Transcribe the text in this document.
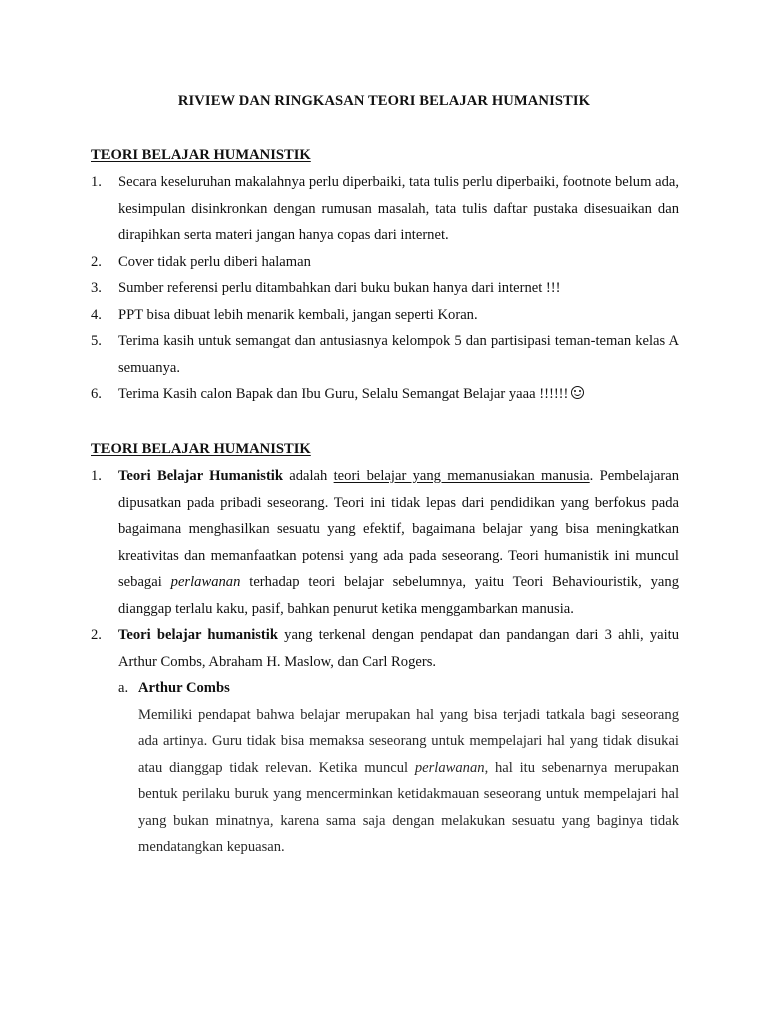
RIVIEW DAN RINGKASAN TEORI BELAJAR HUMANISTIK
TEORI BELAJAR HUMANISTIK
1. Secara keseluruhan makalahnya perlu diperbaiki, tata tulis perlu diperbaiki, footnote belum ada, kesimpulan disinkronkan dengan rumusan masalah, tata tulis daftar pustaka disesuaikan dan dirapihkan serta materi jangan hanya copas dari internet.
2. Cover tidak perlu diberi halaman
3. Sumber referensi perlu ditambahkan dari buku bukan hanya dari internet !!!
4. PPT bisa dibuat lebih menarik kembali, jangan seperti Koran.
5. Terima kasih untuk semangat dan antusiasnya kelompok 5 dan partisipasi teman-teman kelas A semuanya.
6. Terima Kasih calon Bapak dan Ibu Guru, Selalu Semangat Belajar yaaa !!!!!!
TEORI BELAJAR HUMANISTIK
1. Teori Belajar Humanistik adalah teori belajar yang memanusiakan manusia. Pembelajaran dipusatkan pada pribadi seseorang. Teori ini tidak lepas dari pendidikan yang berfokus pada bagaimana menghasilkan sesuatu yang efektif, bagaimana belajar yang bisa meningkatkan kreativitas dan memanfaatkan potensi yang ada pada seseorang. Teori humanistik ini muncul sebagai perlawanan terhadap teori belajar sebelumnya, yaitu Teori Behaviouristik, yang dianggap terlalu kaku, pasif, bahkan penurut ketika menggambarkan manusia.
2. Teori belajar humanistik yang terkenal dengan pendapat dan pandangan dari 3 ahli, yaitu Arthur Combs, Abraham H. Maslow, dan Carl Rogers.
a. Arthur Combs
Memiliki pendapat bahwa belajar merupakan hal yang bisa terjadi tatkala bagi seseorang ada artinya. Guru tidak bisa memaksa seseorang untuk mempelajari hal yang tidak disukai atau dianggap tidak relevan. Ketika muncul perlawanan, hal itu sebenarnya merupakan bentuk perilaku buruk yang mencerminkan ketidakmauan seseorang untuk mempelajari hal yang bukan minatnya, karena sama saja dengan melakukan sesuatu yang baginya tidak mendatangkan kepuasan.
